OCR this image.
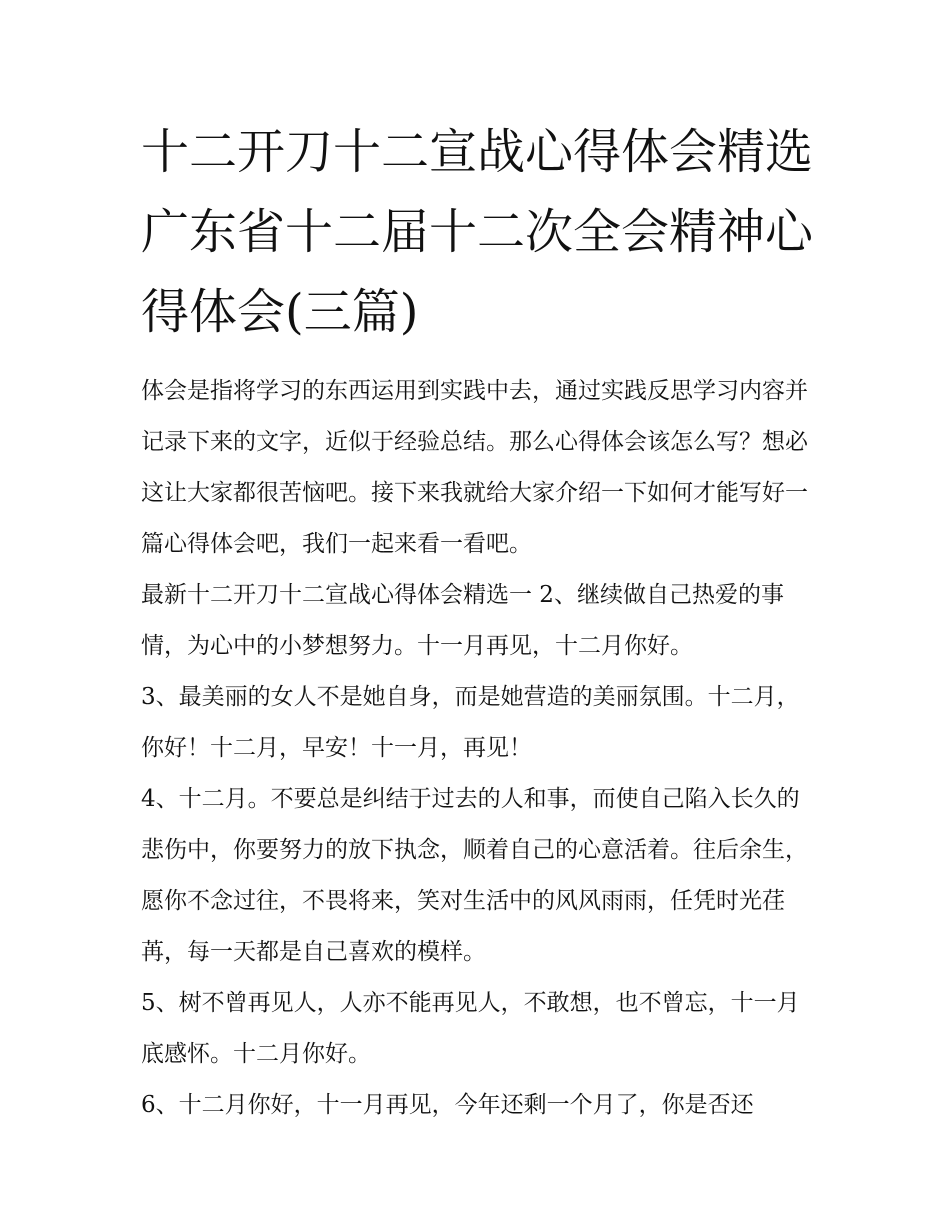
十二开刀十二宣战心得体会精选 广东省十二届十二次全会精神心得体会(三篇)

体会是指将学习的东西运用到实践中去，通过实践反思学习内容并记录下来的文字，近似于经验总结。那么心得体会该怎么写？想必这让大家都很苦恼吧。接下来我就给大家介绍一下如何才能写好一篇心得体会吧，我们一起来看一看吧。

最新十二开刀十二宣战心得体会精选一 2、继续做自己热爱的事情，为心中的小梦想努力。十一月再见，十二月你好。

3、最美丽的女人不是她自身，而是她营造的美丽氛围。十二月，你好！十二月，早安！十一月，再见！

4、十二月。不要总是纠结于过去的人和事，而使自己陷入长久的悲伤中，你要努力的放下执念，顺着自己的心意活着。往后余生，愿你不念过往，不畏将来，笑对生活中的风风雨雨，任凭时光荏苒，每一天都是自己喜欢的模样。

5、树不曾再见人，人亦不能再见人，不敢想，也不曾忘，十一月底感怀。十二月你好。

6、十二月你好，十一月再见，今年还剩一个月了，你是否还
